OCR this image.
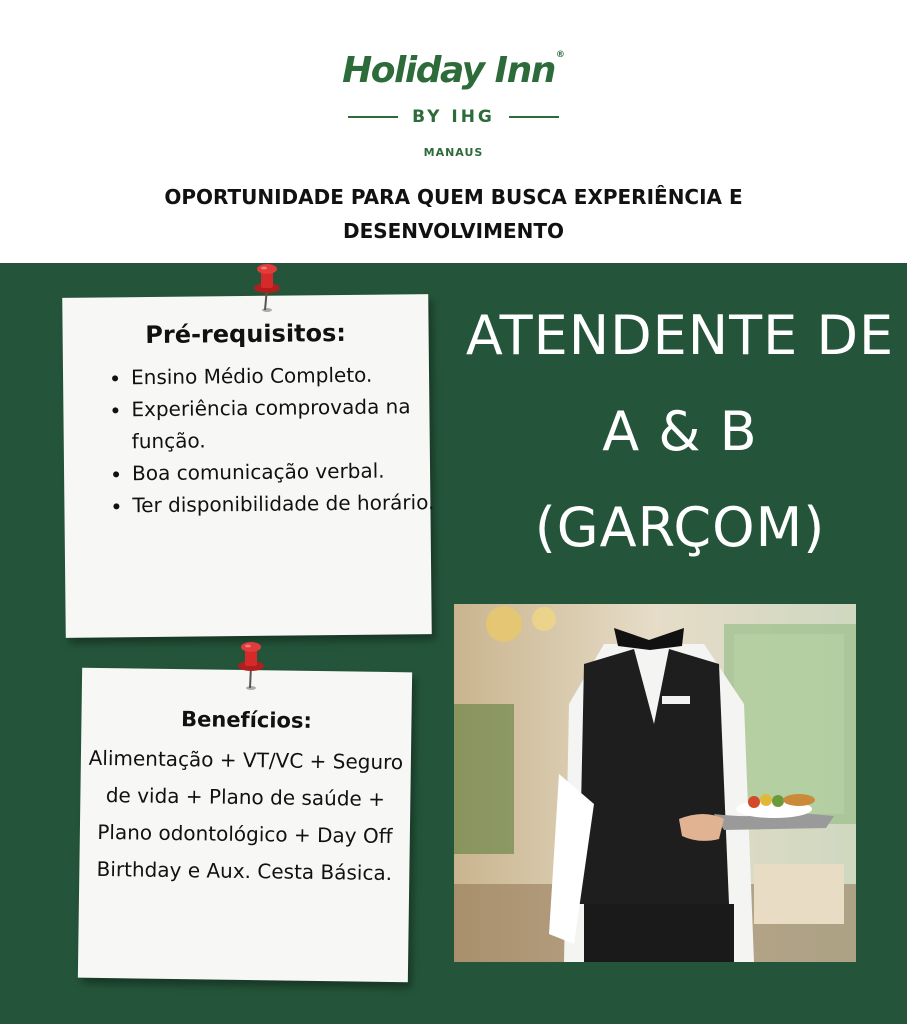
Holiday Inn®
BY IHG
MANAUS
OPORTUNIDADE PARA QUEM BUSCA EXPERIÊNCIA E DESENVOLVIMENTO
Pré-requisitos:
• Ensino Médio Completo.
• Experiência comprovada na função.
• Boa comunicação verbal.
• Ter disponibilidade de horário.
Benefícios:
Alimentação + VT/VC + Seguro de vida + Plano de saúde + Plano odontológico + Day Off Birthday e Aux. Cesta Básica.
ATENDENTE DE A & B (GARÇOM)
